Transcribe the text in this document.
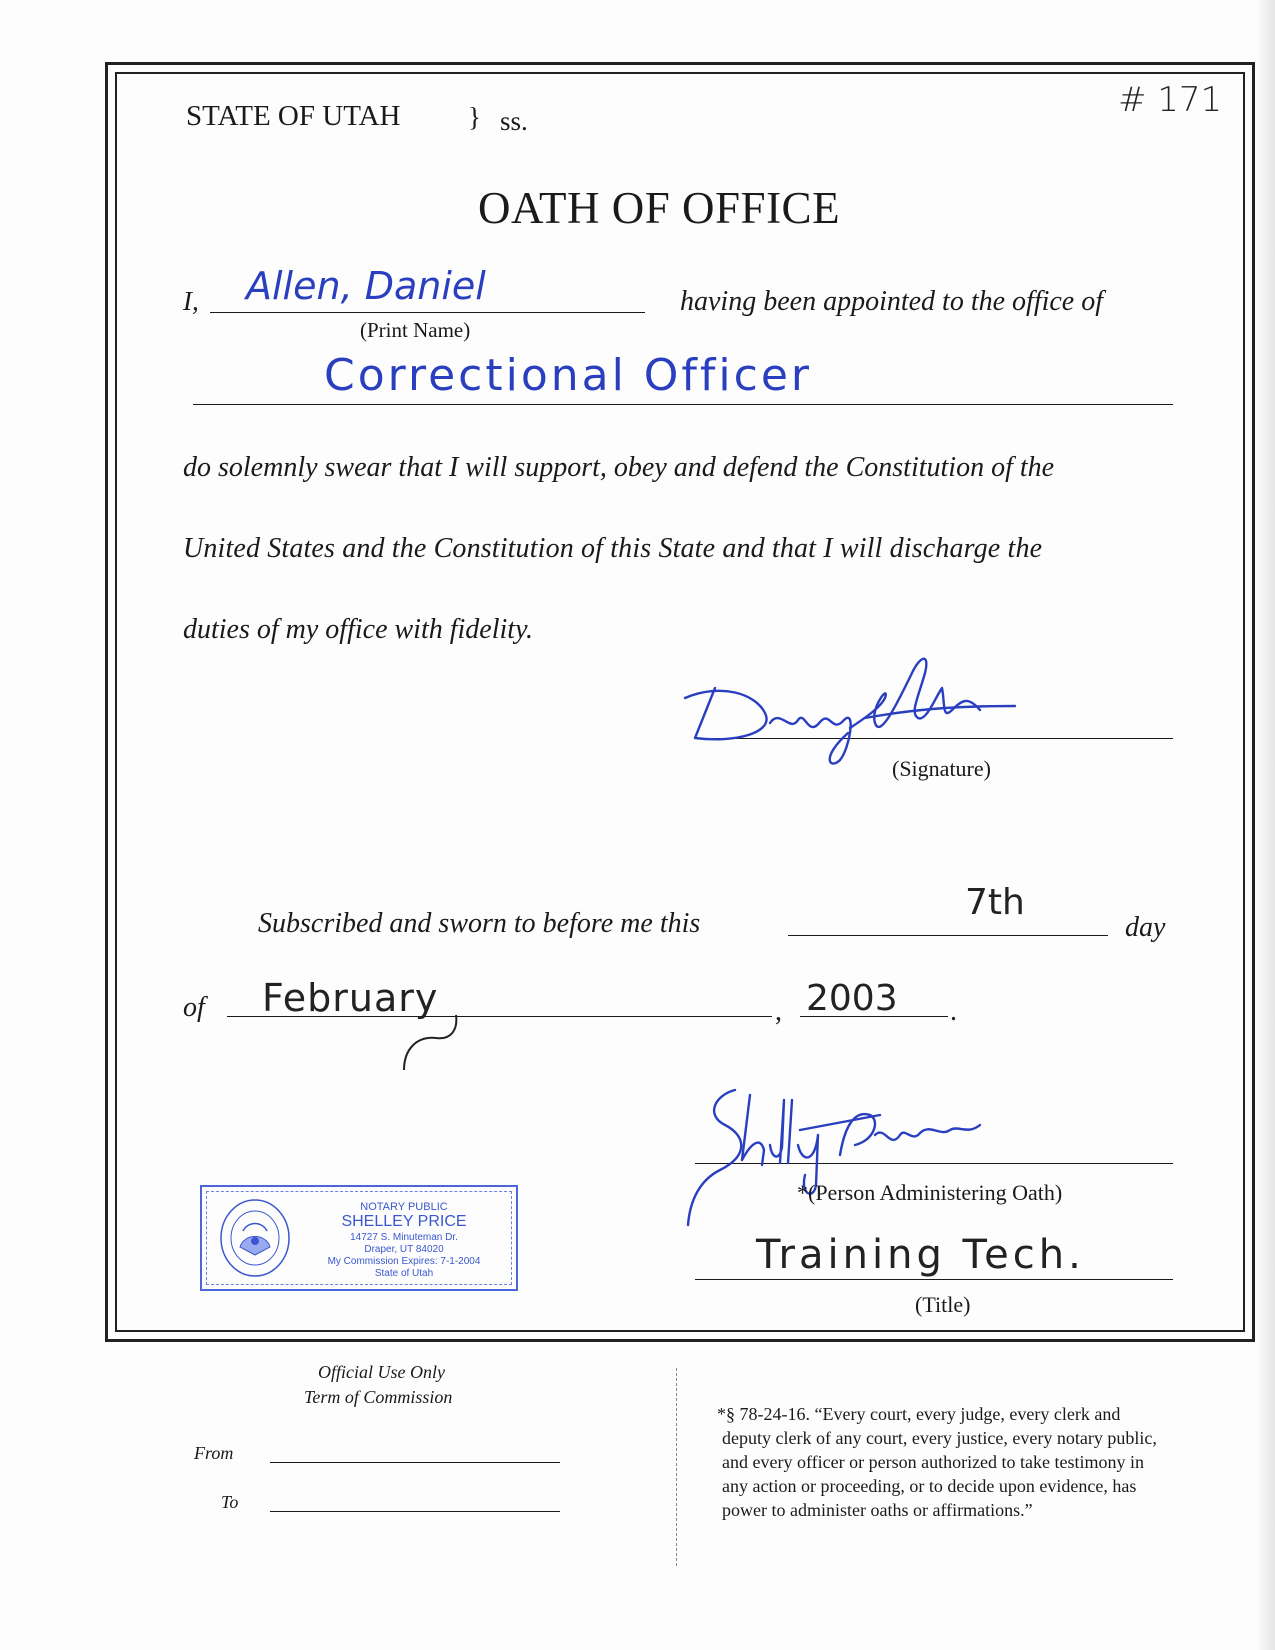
STATE OF UTAH	} ss.
# 171
OATH OF OFFICE
I, Allen, Daniel
(Print Name)
having been appointed to the office of
Correctional Officer
do solemnly swear that I will support, obey and defend the Constitution of the
United States and the Constitution of this State and that I will discharge the
duties of my office with fidelity.
(Signature)
Subscribed and sworn to before me this
7th
day
of February	, 2003 .
*(Person Administering Oath)
Training Tech.
(Title)
NOTARY PUBLIC
SHELLEY PRICE
14727 S. Minuteman Dr.
Draper, UT 84020
My Commission Expires: 7-1-2004
State of Utah
Official Use Only
Term of Commission
From
To
*§ 78-24-16. “Every court, every judge, every clerk and
deputy clerk of any court, every justice, every notary public,
and every officer or person authorized to take testimony in
any action or proceeding, or to decide upon evidence, has
power to administer oaths or affirmations.”
